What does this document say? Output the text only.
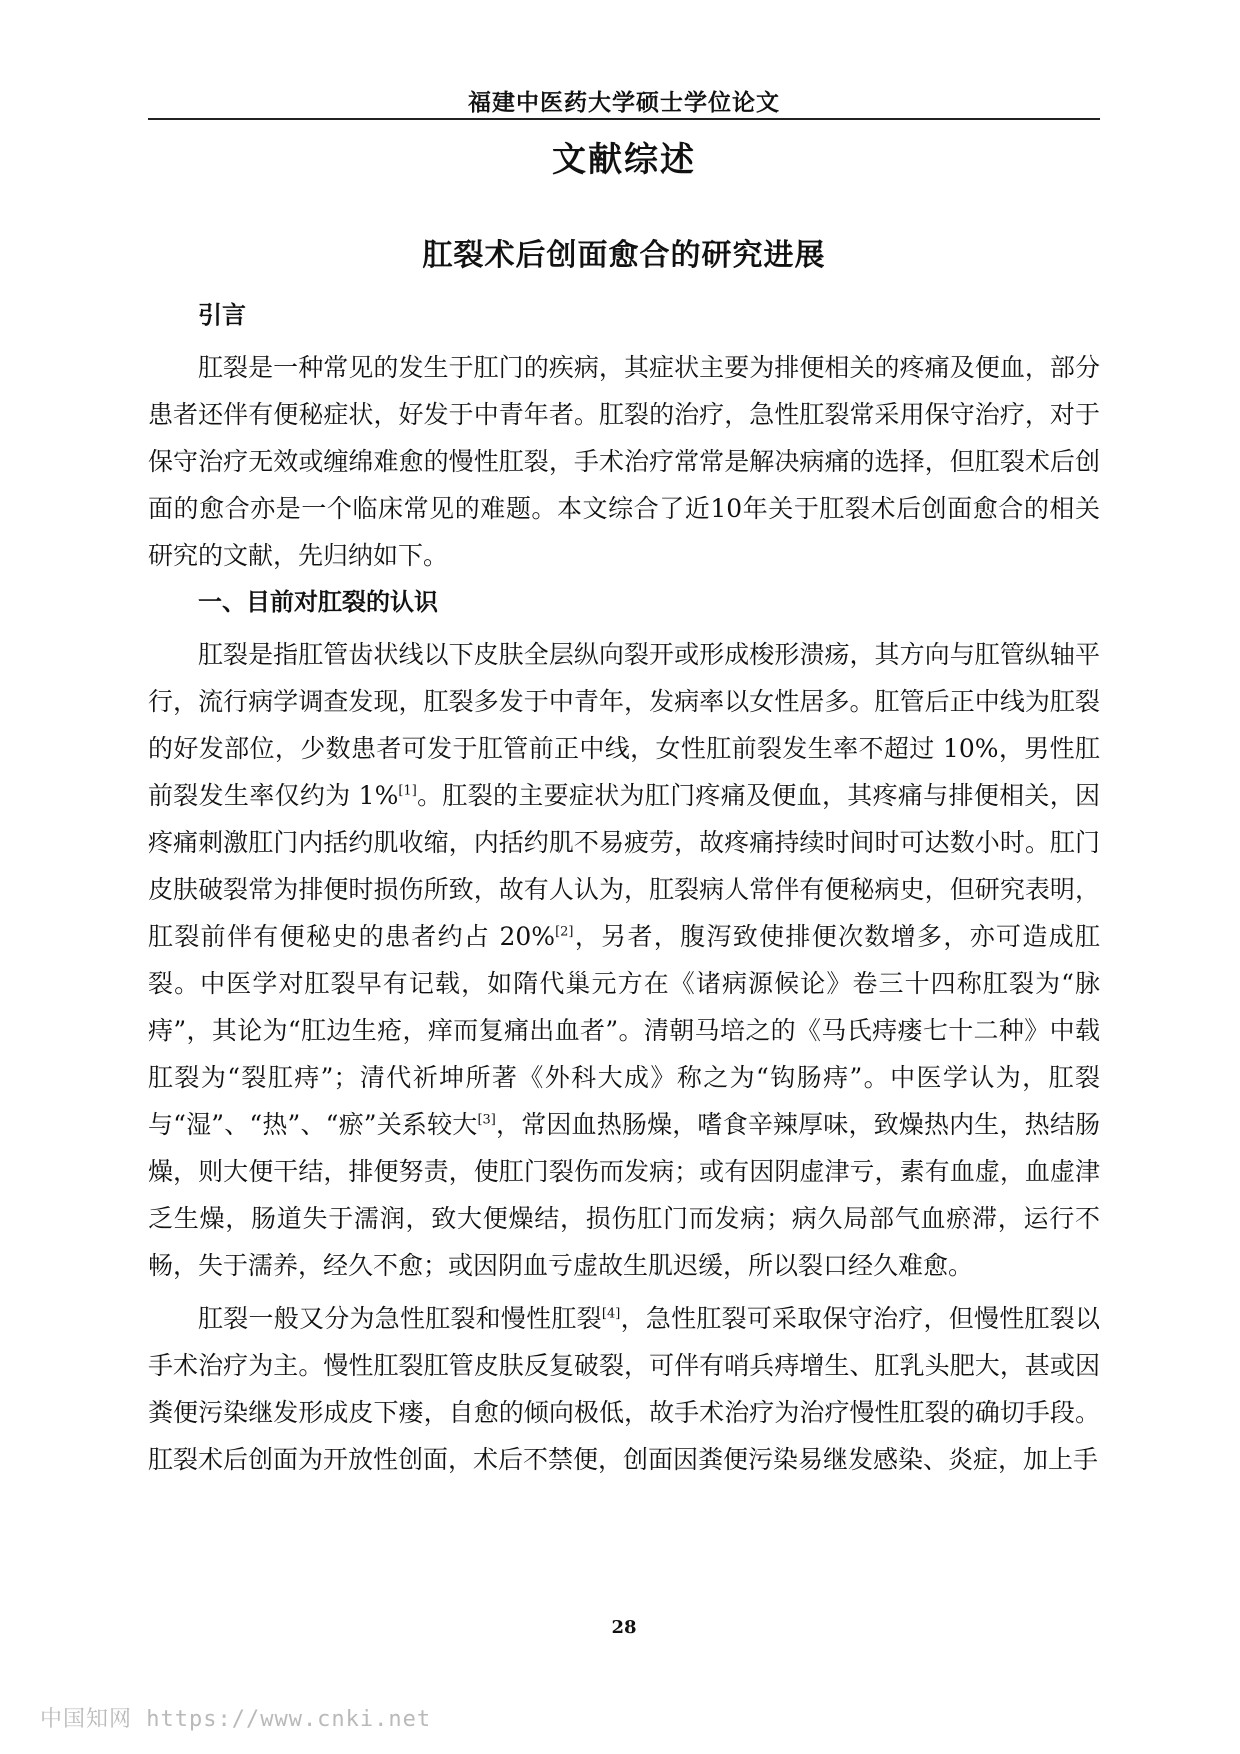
福建中医药大学硕士学位论文
文献综述
肛裂术后创面愈合的研究进展
引言

肛裂是一种常见的发生于肛门的疾病，其症状主要为排便相关的疼痛及便血，部分患者还伴有便秘症状，好发于中青年者。肛裂的治疗，急性肛裂常采用保守治疗，对于保守治疗无效或缠绵难愈的慢性肛裂，手术治疗常常是解决病痛的选择，但肛裂术后创面的愈合亦是一个临床常见的难题。本文综合了近10年关于肛裂术后创面愈合的相关研究的文献，先归纳如下。

一、目前对肛裂的认识

肛裂是指肛管齿状线以下皮肤全层纵向裂开或形成梭形溃疡，其方向与肛管纵轴平行，流行病学调查发现，肛裂多发于中青年，发病率以女性居多。肛管后正中线为肛裂的好发部位，少数患者可发于肛管前正中线，女性肛前裂发生率不超过 10%，男性肛前裂发生率仅约为 1%[1]。肛裂的主要症状为肛门疼痛及便血，其疼痛与排便相关，因疼痛刺激肛门内括约肌收缩，内括约肌不易疲劳，故疼痛持续时间时可达数小时。肛门皮肤破裂常为排便时损伤所致，故有人认为，肛裂病人常伴有便秘病史，但研究表明，肛裂前伴有便秘史的患者约占 20%[2]，另者，腹泻致使排便次数增多，亦可造成肛裂。中医学对肛裂早有记载，如隋代巢元方在《诸病源候论》卷三十四称肛裂为“脉痔”，其论为“肛边生疮，痒而复痛出血者”。清朝马培之的《马氏痔瘘七十二种》中载肛裂为“裂肛痔”；清代祈坤所著《外科大成》称之为“钩肠痔”。中医学认为，肛裂与“湿”、“热”、“瘀”关系较大[3]，常因血热肠燥，嗜食辛辣厚味，致燥热内生，热结肠燥，则大便干结，排便努责，使肛门裂伤而发病；或有因阴虚津亏，素有血虚，血虚津乏生燥，肠道失于濡润，致大便燥结，损伤肛门而发病；病久局部气血瘀滞，运行不畅，失于濡养，经久不愈；或因阴血亏虚故生肌迟缓，所以裂口经久难愈。

肛裂一般又分为急性肛裂和慢性肛裂[4]，急性肛裂可采取保守治疗，但慢性肛裂以手术治疗为主。慢性肛裂肛管皮肤反复破裂，可伴有哨兵痔增生、肛乳头肥大，甚或因粪便污染继发形成皮下瘘，自愈的倾向极低，故手术治疗为治疗慢性肛裂的确切手段。肛裂术后创面为开放性创面，术后不禁便，创面因粪便污染易继发感染、炎症，加上手

28
中国知网 https://www.cnki.net
